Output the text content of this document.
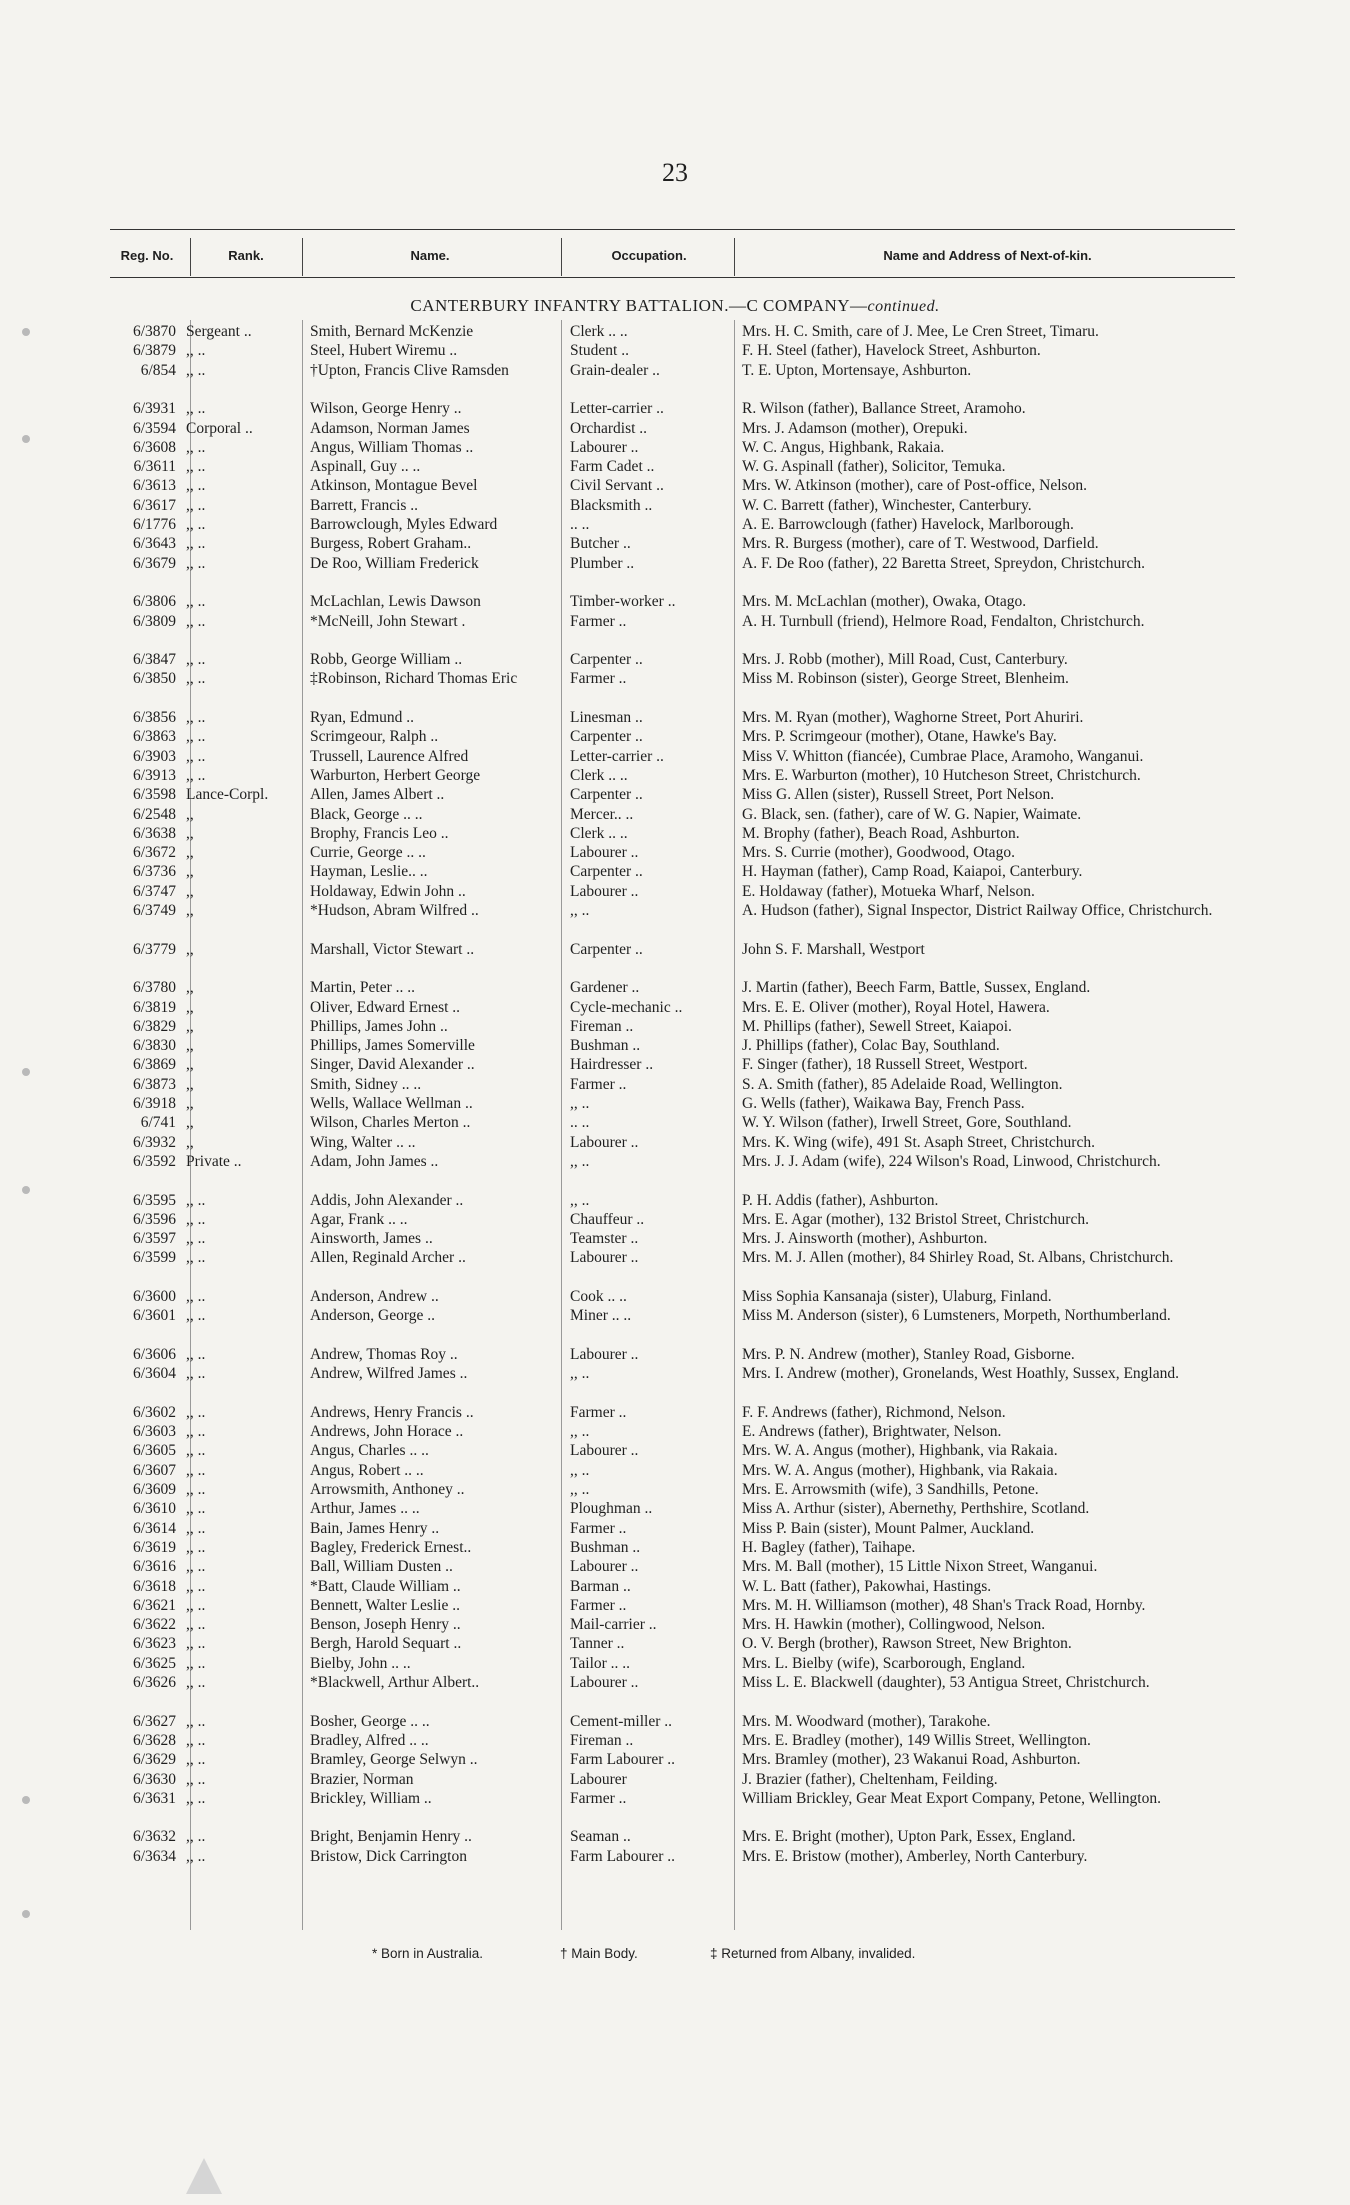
23
Reg. No.	Rank.	Name.	Occupation.	Name and Address of Next-of-kin.
CANTERBURY INFANTRY BATTALION.—C COMPANY—continued.
6/3870 Sergeant ..	Smith, Bernard McKenzie	Clerk .. ..	Mrs. H. C. Smith, care of J. Mee, Le Cren Street, Timaru.
6/3879 ,, ..	Steel, Hubert Wiremu ..	Student ..	F. H. Steel (father), Havelock Street, Ashburton.
6/854 ,, ..	†Upton, Francis Clive Ramsden	Grain-dealer ..	T. E. Upton, Mortensaye, Ashburton.
6/3931 ,, ..	Wilson, George Henry ..	Letter-carrier ..	R. Wilson (father), Ballance Street, Aramoho.
6/3594 Corporal ..	Adamson, Norman James	Orchardist ..	Mrs. J. Adamson (mother), Orepuki.
6/3608 ,, ..	Angus, William Thomas ..	Labourer ..	W. C. Angus, Highbank, Rakaia.
6/3611 ,, ..	Aspinall, Guy .. ..	Farm Cadet ..	W. G. Aspinall (father), Solicitor, Temuka.
6/3613 ,, ..	Atkinson, Montague Bevel	Civil Servant ..	Mrs. W. Atkinson (mother), care of Post-office, Nelson.
6/3617 ,, ..	Barrett, Francis ..	Blacksmith ..	W. C. Barrett (father), Winchester, Canterbury.
6/1776 ,, ..	Barrowclough, Myles Edward	.. ..	A. E. Barrowclough (father) Havelock, Marlborough.
6/3643 ,, ..	Burgess, Robert Graham..	Butcher ..	Mrs. R. Burgess (mother), care of T. Westwood, Darfield.
6/3679 ,, ..	De Roo, William Frederick	Plumber ..	A. F. De Roo (father), 22 Baretta Street, Spreydon, Christchurch.
6/3806 ,, ..	McLachlan, Lewis Dawson	Timber-worker ..	Mrs. M. McLachlan (mother), Owaka, Otago.
6/3809 ,, ..	*McNeill, John Stewart .	Farmer ..	A. H. Turnbull (friend), Helmore Road, Fendalton, Christchurch.
6/3847 ,, ..	Robb, George William ..	Carpenter ..	Mrs. J. Robb (mother), Mill Road, Cust, Canterbury.
6/3850 ,, ..	‡Robinson, Richard Thomas Eric	Farmer ..	Miss M. Robinson (sister), George Street, Blenheim.
6/3856 ,, ..	Ryan, Edmund ..	Linesman ..	Mrs. M. Ryan (mother), Waghorne Street, Port Ahuriri.
6/3863 ,, ..	Scrimgeour, Ralph ..	Carpenter ..	Mrs. P. Scrimgeour (mother), Otane, Hawke's Bay.
6/3903 ,, ..	Trussell, Laurence Alfred	Letter-carrier ..	Miss V. Whitton (fiancée), Cumbrae Place, Aramoho, Wanganui.
6/3913 ,, ..	Warburton, Herbert George	Clerk .. ..	Mrs. E. Warburton (mother), 10 Hutcheson Street, Christchurch.
6/3598 Lance-Corpl.	Allen, James Albert ..	Carpenter ..	Miss G. Allen (sister), Russell Street, Port Nelson.
6/2548 ,,	Black, George .. ..	Mercer.. ..	G. Black, sen. (father), care of W. G. Napier, Waimate.
6/3638 ,,	Brophy, Francis Leo ..	Clerk .. ..	M. Brophy (father), Beach Road, Ashburton.
6/3672 ,,	Currie, George .. ..	Labourer ..	Mrs. S. Currie (mother), Goodwood, Otago.
6/3736 ,,	Hayman, Leslie.. ..	Carpenter ..	H. Hayman (father), Camp Road, Kaiapoi, Canterbury.
6/3747 ,,	Holdaway, Edwin John ..	Labourer ..	E. Holdaway (father), Motueka Wharf, Nelson.
6/3749 ,,	*Hudson, Abram Wilfred ..	,, ..	A. Hudson (father), Signal Inspector, District Railway Office, Christchurch.
6/3779 ,,	Marshall, Victor Stewart ..	Carpenter ..	John S. F. Marshall, Westport
6/3780 ,,	Martin, Peter .. ..	Gardener ..	J. Martin (father), Beech Farm, Battle, Sussex, England.
6/3819 ,,	Oliver, Edward Ernest ..	Cycle-mechanic ..	Mrs. E. E. Oliver (mother), Royal Hotel, Hawera.
6/3829 ,,	Phillips, James John ..	Fireman ..	M. Phillips (father), Sewell Street, Kaiapoi.
6/3830 ,,	Phillips, James Somerville	Bushman ..	J. Phillips (father), Colac Bay, Southland.
6/3869 ,,	Singer, David Alexander ..	Hairdresser ..	F. Singer (father), 18 Russell Street, Westport.
6/3873 ,,	Smith, Sidney .. ..	Farmer ..	S. A. Smith (father), 85 Adelaide Road, Wellington.
6/3918 ,,	Wells, Wallace Wellman ..	,, ..	G. Wells (father), Waikawa Bay, French Pass.
6/741 ,,	Wilson, Charles Merton ..	.. ..	W. Y. Wilson (father), Irwell Street, Gore, Southland.
6/3932 ,,	Wing, Walter .. ..	Labourer ..	Mrs. K. Wing (wife), 491 St. Asaph Street, Christchurch.
6/3592 Private ..	Adam, John James ..	,, ..	Mrs. J. J. Adam (wife), 224 Wilson's Road, Linwood, Christchurch.
6/3595 ,, ..	Addis, John Alexander ..	,, ..	P. H. Addis (father), Ashburton.
6/3596 ,, ..	Agar, Frank .. ..	Chauffeur ..	Mrs. E. Agar (mother), 132 Bristol Street, Christchurch.
6/3597 ,, ..	Ainsworth, James ..	Teamster ..	Mrs. J. Ainsworth (mother), Ashburton.
6/3599 ,, ..	Allen, Reginald Archer ..	Labourer ..	Mrs. M. J. Allen (mother), 84 Shirley Road, St. Albans, Christchurch.
6/3600 ,, ..	Anderson, Andrew ..	Cook .. ..	Miss Sophia Kansanaja (sister), Ulaburg, Finland.
6/3601 ,, ..	Anderson, George ..	Miner .. ..	Miss M. Anderson (sister), 6 Lumsteners, Morpeth, Northumberland.
6/3606 ,, ..	Andrew, Thomas Roy ..	Labourer ..	Mrs. P. N. Andrew (mother), Stanley Road, Gisborne.
6/3604 ,, ..	Andrew, Wilfred James ..	,, ..	Mrs. I. Andrew (mother), Gronelands, West Hoathly, Sussex, England.
6/3602 ,, ..	Andrews, Henry Francis ..	Farmer ..	F. F. Andrews (father), Richmond, Nelson.
6/3603 ,, ..	Andrews, John Horace ..	,, ..	E. Andrews (father), Brightwater, Nelson.
6/3605 ,, ..	Angus, Charles .. ..	Labourer ..	Mrs. W. A. Angus (mother), Highbank, via Rakaia.
6/3607 ,, ..	Angus, Robert .. ..	,, ..	Mrs. W. A. Angus (mother), Highbank, via Rakaia.
6/3609 ,, ..	Arrowsmith, Anthoney ..	,, ..	Mrs. E. Arrowsmith (wife), 3 Sandhills, Petone.
6/3610 ,, ..	Arthur, James .. ..	Ploughman ..	Miss A. Arthur (sister), Abernethy, Perthshire, Scotland.
6/3614 ,, ..	Bain, James Henry ..	Farmer ..	Miss P. Bain (sister), Mount Palmer, Auckland.
6/3619 ,, ..	Bagley, Frederick Ernest..	Bushman ..	H. Bagley (father), Taihape.
6/3616 ,, ..	Ball, William Dusten ..	Labourer ..	Mrs. M. Ball (mother), 15 Little Nixon Street, Wanganui.
6/3618 ,, ..	*Batt, Claude William ..	Barman ..	W. L. Batt (father), Pakowhai, Hastings.
6/3621 ,, ..	Bennett, Walter Leslie ..	Farmer ..	Mrs. M. H. Williamson (mother), 48 Shan's Track Road, Hornby.
6/3622 ,, ..	Benson, Joseph Henry ..	Mail-carrier ..	Mrs. H. Hawkin (mother), Collingwood, Nelson.
6/3623 ,, ..	Bergh, Harold Sequart ..	Tanner ..	O. V. Bergh (brother), Rawson Street, New Brighton.
6/3625 ,, ..	Bielby, John .. ..	Tailor .. ..	Mrs. L. Bielby (wife), Scarborough, England.
6/3626 ,, ..	*Blackwell, Arthur Albert..	Labourer ..	Miss L. E. Blackwell (daughter), 53 Antigua Street, Christchurch.
6/3627 ,, ..	Bosher, George .. ..	Cement-miller ..	Mrs. M. Woodward (mother), Tarakohe.
6/3628 ,, ..	Bradley, Alfred .. ..	Fireman ..	Mrs. E. Bradley (mother), 149 Willis Street, Wellington.
6/3629 ,, ..	Bramley, George Selwyn ..	Farm Labourer ..	Mrs. Bramley (mother), 23 Wakanui Road, Ashburton.
6/3630 ,, ..	Brazier, Norman	Labourer	J. Brazier (father), Cheltenham, Feilding.
6/3631 ,, ..	Brickley, William ..	Farmer ..	William Brickley, Gear Meat Export Company, Petone, Wellington.
6/3632 ,, ..	Bright, Benjamin Henry ..	Seaman ..	Mrs. E. Bright (mother), Upton Park, Essex, England.
6/3634 ,, ..	Bristow, Dick Carrington	Farm Labourer ..	Mrs. E. Bristow (mother), Amberley, North Canterbury.
* Born in Australia.	† Main Body.	‡ Returned from Albany, invalided.
